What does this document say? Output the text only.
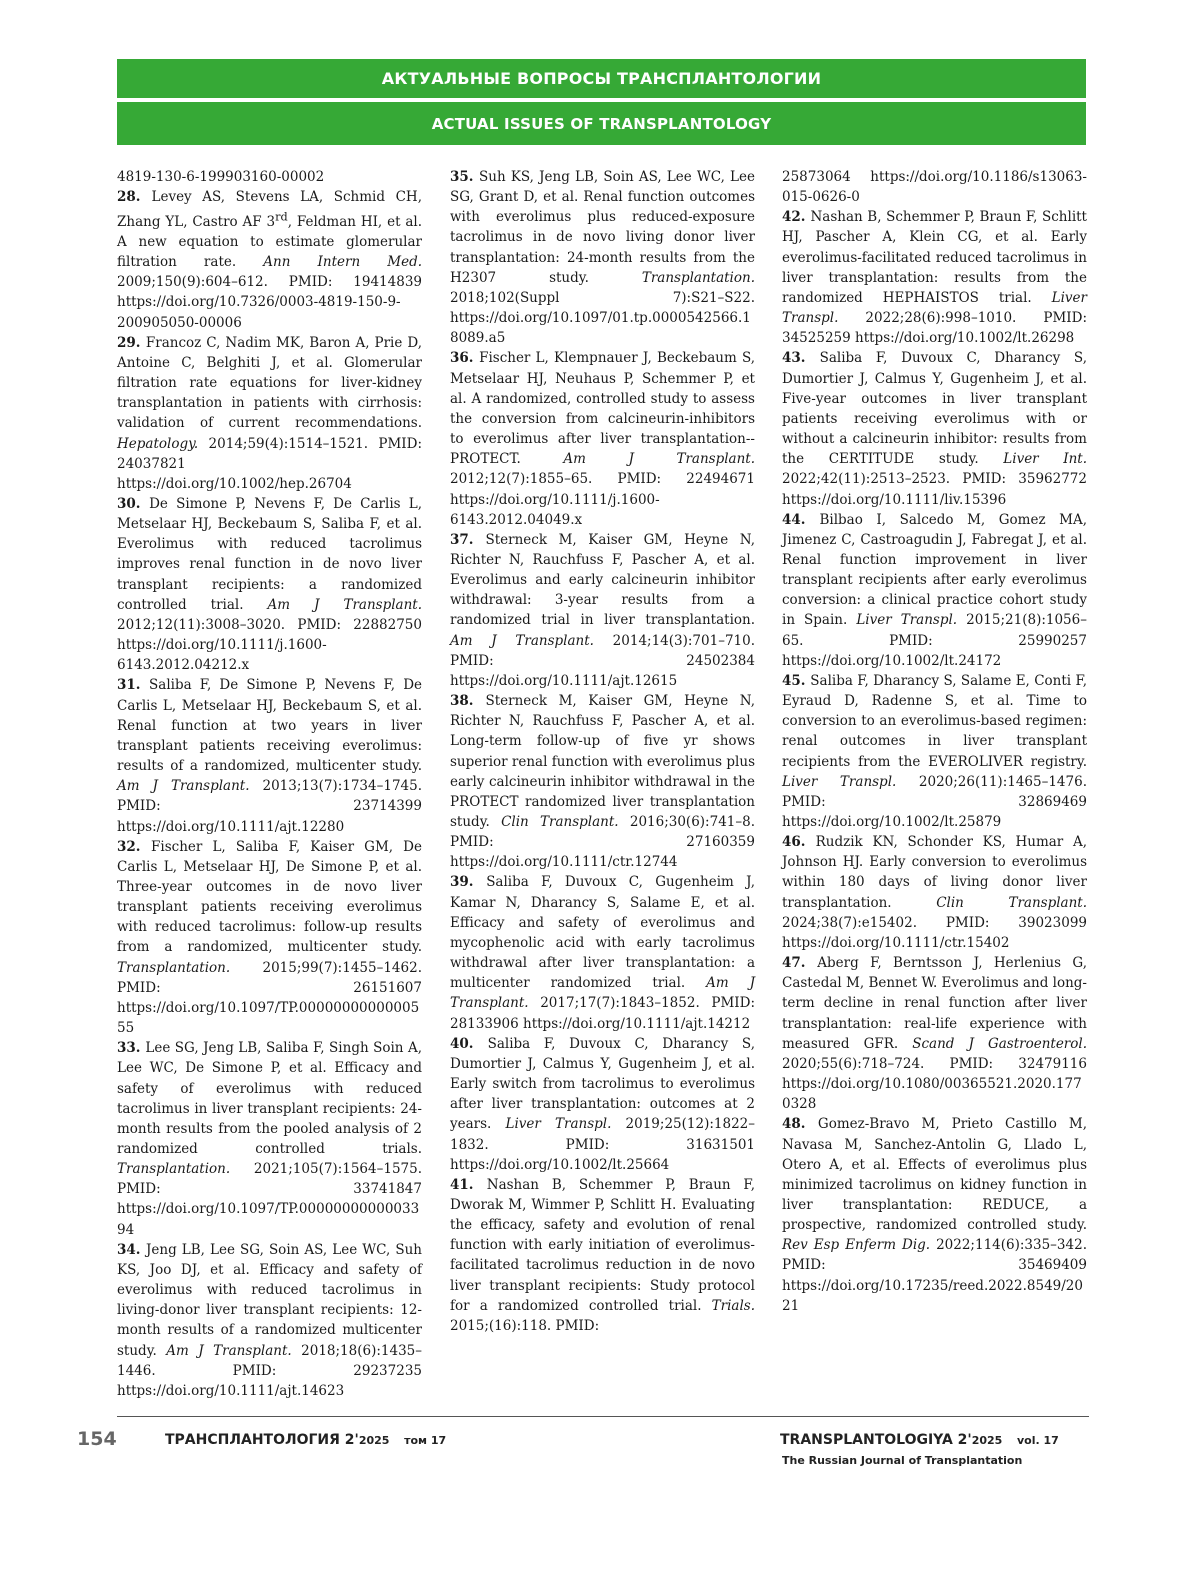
АКТУАЛЬНЫЕ ВОПРОСЫ ТРАНСПЛАНТОЛОГИИ
ACTUAL ISSUES OF TRANSPLANTOLOGY

4819-130-6-199903160-00002

28. Levey AS, Stevens LA, Schmid CH, Zhang YL, Castro AF 3rd, Feldman HI, et al. A new equation to estimate glomerular filtration rate. Ann Intern Med. 2009;150(9):604–612. PMID: 19414839 https://doi.org/10.7326/0003-4819-150-9-200905050-00006

29. Francoz C, Nadim MK, Baron A, Prie D, Antoine C, Belghiti J, et al. Glomerular filtration rate equations for liver-kidney transplantation in patients with cirrhosis: validation of current recommendations. Hepatology. 2014;59(4):1514–1521. PMID: 24037821 https://doi.org/10.1002/hep.26704

30. De Simone P, Nevens F, De Carlis L, Metselaar HJ, Beckebaum S, Saliba F, et al. Everolimus with reduced tacrolimus improves renal function in de novo liver transplant recipients: a randomized controlled trial. Am J Transplant. 2012;12(11):3008–3020. PMID: 22882750 https://doi.org/10.1111/j.1600-6143.2012.04212.x

31. Saliba F, De Simone P, Nevens F, De Carlis L, Metselaar HJ, Beckebaum S, et al. Renal function at two years in liver transplant patients receiving everolimus: results of a randomized, multicenter study. Am J Transplant. 2013;13(7):1734–1745. PMID: 23714399 https://doi.org/10.1111/ajt.12280

32. Fischer L, Saliba F, Kaiser GM, De Carlis L, Metselaar HJ, De Simone P, et al. Three-year outcomes in de novo liver transplant patients receiving everolimus with reduced tacrolimus: follow-up results from a randomized, multicenter study. Transplantation. 2015;99(7):1455–1462. PMID: 26151607 https://doi.org/10.1097/TP.0000000000000555

33. Lee SG, Jeng LB, Saliba F, Singh Soin A, Lee WC, De Simone P, et al. Efficacy and safety of everolimus with reduced tacrolimus in liver transplant recipients: 24-month results from the pooled analysis of 2 randomized controlled trials. Transplantation. 2021;105(7):1564–1575. PMID: 33741847 https://doi.org/10.1097/TP.0000000000003394

34. Jeng LB, Lee SG, Soin AS, Lee WC, Suh KS, Joo DJ, et al. Efficacy and safety of everolimus with reduced tacrolimus in living-donor liver transplant recipients: 12-month results of a randomized multicenter study. Am J Transplant. 2018;18(6):1435–1446. PMID: 29237235 https://doi.org/10.1111/ajt.14623

35. Suh KS, Jeng LB, Soin AS, Lee WC, Lee SG, Grant D, et al. Renal function outcomes with everolimus plus reduced-exposure tacrolimus in de novo living donor liver transplantation: 24-month results from the H2307 study. Transplantation. 2018;102(Suppl 7):S21–S22. https://doi.org/10.1097/01.tp.0000542566.18089.a5

36. Fischer L, Klempnauer J, Beckebaum S, Metselaar HJ, Neuhaus P, Schemmer P, et al. A randomized, controlled study to assess the conversion from calcineurin-inhibitors to everolimus after liver transplantation--PROTECT. Am J Transplant. 2012;12(7):1855–65. PMID: 22494671 https://doi.org/10.1111/j.1600-6143.2012.04049.x

37. Sterneck M, Kaiser GM, Heyne N, Richter N, Rauchfuss F, Pascher A, et al. Everolimus and early calcineurin inhibitor withdrawal: 3-year results from a randomized trial in liver transplantation. Am J Transplant. 2014;14(3):701–710. PMID: 24502384 https://doi.org/10.1111/ajt.12615

38. Sterneck M, Kaiser GM, Heyne N, Richter N, Rauchfuss F, Pascher A, et al. Long-term follow-up of five yr shows superior renal function with everolimus plus early calcineurin inhibitor withdrawal in the PROTECT randomized liver transplantation study. Clin Transplant. 2016;30(6):741–8. PMID: 27160359 https://doi.org/10.1111/ctr.12744

39. Saliba F, Duvoux C, Gugenheim J, Kamar N, Dharancy S, Salame E, et al. Efficacy and safety of everolimus and mycophenolic acid with early tacrolimus withdrawal after liver transplantation: a multicenter randomized trial. Am J Transplant. 2017;17(7):1843–1852. PMID: 28133906 https://doi.org/10.1111/ajt.14212

40. Saliba F, Duvoux C, Dharancy S, Dumortier J, Calmus Y, Gugenheim J, et al. Early switch from tacrolimus to everolimus after liver transplantation: outcomes at 2 years. Liver Transpl. 2019;25(12):1822–1832. PMID: 31631501 https://doi.org/10.1002/lt.25664

41. Nashan B, Schemmer P, Braun F, Dworak M, Wimmer P, Schlitt H. Evaluating the efficacy, safety and evolution of renal function with early initiation of everolimus-facilitated tacrolimus reduction in de novo liver transplant recipients: Study protocol for a randomized controlled trial. Trials. 2015;(16):118. PMID:

25873064 https://doi.org/10.1186/s13063-015-0626-0

42. Nashan B, Schemmer P, Braun F, Schlitt HJ, Pascher A, Klein CG, et al. Early everolimus-facilitated reduced tacrolimus in liver transplantation: results from the randomized HEPHAISTOS trial. Liver Transpl. 2022;28(6):998–1010. PMID: 34525259 https://doi.org/10.1002/lt.26298

43. Saliba F, Duvoux C, Dharancy S, Dumortier J, Calmus Y, Gugenheim J, et al. Five-year outcomes in liver transplant patients receiving everolimus with or without a calcineurin inhibitor: results from the CERTITUDE study. Liver Int. 2022;42(11):2513–2523. PMID: 35962772 https://doi.org/10.1111/liv.15396

44. Bilbao I, Salcedo M, Gomez MA, Jimenez C, Castroagudin J, Fabregat J, et al. Renal function improvement in liver transplant recipients after early everolimus conversion: a clinical practice cohort study in Spain. Liver Transpl. 2015;21(8):1056–65. PMID: 25990257 https://doi.org/10.1002/lt.24172

45. Saliba F, Dharancy S, Salame E, Conti F, Eyraud D, Radenne S, et al. Time to conversion to an everolimus-based regimen: renal outcomes in liver transplant recipients from the EVEROLIVER registry. Liver Transpl. 2020;26(11):1465–1476. PMID: 32869469 https://doi.org/10.1002/lt.25879

46. Rudzik KN, Schonder KS, Humar A, Johnson HJ. Early conversion to everolimus within 180 days of living donor liver transplantation. Clin Transplant. 2024;38(7):e15402. PMID: 39023099 https://doi.org/10.1111/ctr.15402

47. Aberg F, Berntsson J, Herlenius G, Castedal M, Bennet W. Everolimus and long-term decline in renal function after liver transplantation: real-life experience with measured GFR. Scand J Gastroenterol. 2020;55(6):718–724. PMID: 32479116 https://doi.org/10.1080/00365521.2020.1770328

48. Gomez-Bravo M, Prieto Castillo M, Navasa M, Sanchez-Antolin G, Llado L, Otero A, et al. Effects of everolimus plus minimized tacrolimus on kidney function in liver transplantation: REDUCE, a prospective, randomized controlled study. Rev Esp Enferm Dig. 2022;114(6):335–342. PMID: 35469409 https://doi.org/10.17235/reed.2022.8549/2021

154	ТРАНСПЛАНТОЛОГИЯ 2'2025 том 17	TRANSPLANTOLOGIYA 2'2025 vol. 17
The Russian Journal of Transplantation
